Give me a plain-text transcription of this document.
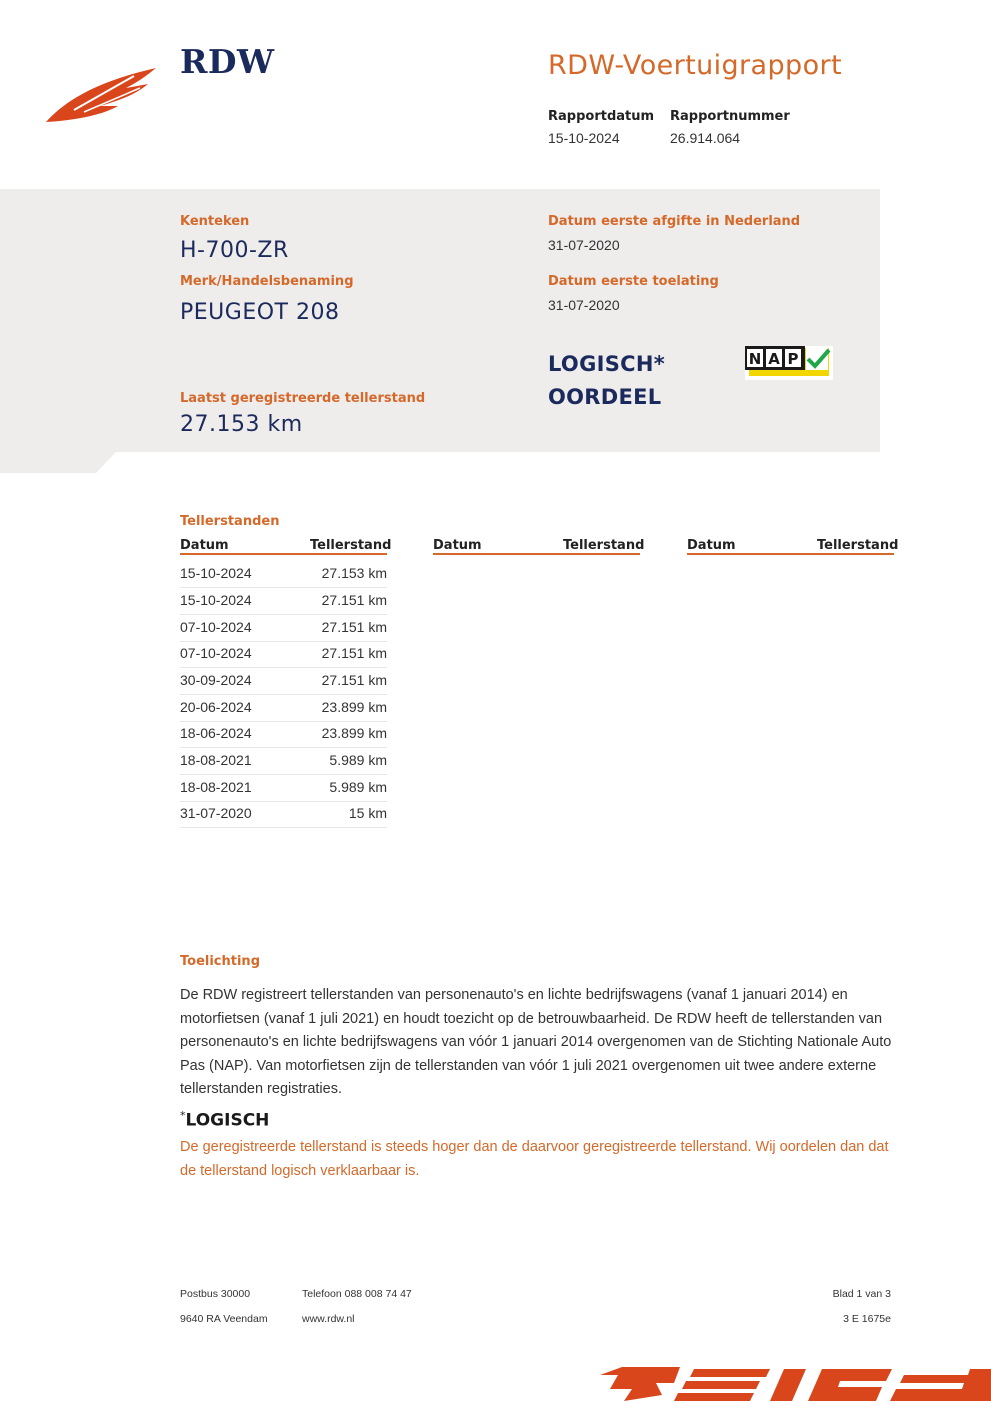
RDW	RDW-Voertuigrapport
Rapportdatum
15-10-2024
Rapportnummer
26.914.064
Kenteken
H-700-ZR
Merk/Handelsbenaming
PEUGEOT 208
Laatst geregistreerde tellerstand
27.153 km
Datum eerste afgifte in Nederland
31-07-2020
Datum eerste toelating
31-07-2020
LOGISCH*
OORDEEL
N A P
Tellerstanden
Datum	Tellerstand	Datum	Tellerstand	Datum	Tellerstand
15-10-2024	27.153 km
15-10-2024	27.151 km
07-10-2024	27.151 km
07-10-2024	27.151 km
30-09-2024	27.151 km
20-06-2024	23.899 km
18-06-2024	23.899 km
18-08-2021	5.989 km
18-08-2021	5.989 km
31-07-2020	15 km
Toelichting
De RDW registreert tellerstanden van personenauto's en lichte bedrijfswagens (vanaf 1 januari 2014) en motorfietsen (vanaf 1 juli 2021) en houdt toezicht op de betrouwbaarheid. De RDW heeft de tellerstanden van personenauto's en lichte bedrijfswagens van vóór 1 januari 2014 overgenomen van de Stichting Nationale Auto Pas (NAP). Van motorfietsen zijn de tellerstanden van vóór 1 juli 2021 overgenomen uit twee andere externe tellerstanden registraties.
*LOGISCH
De geregistreerde tellerstand is steeds hoger dan de daarvoor geregistreerde tellerstand. Wij oordelen dan dat de tellerstand logisch verklaarbaar is.
Postbus 30000
9640 RA Veendam
Telefoon 088 008 74 47
www.rdw.nl
Blad 1 van 3
3 E 1675e
